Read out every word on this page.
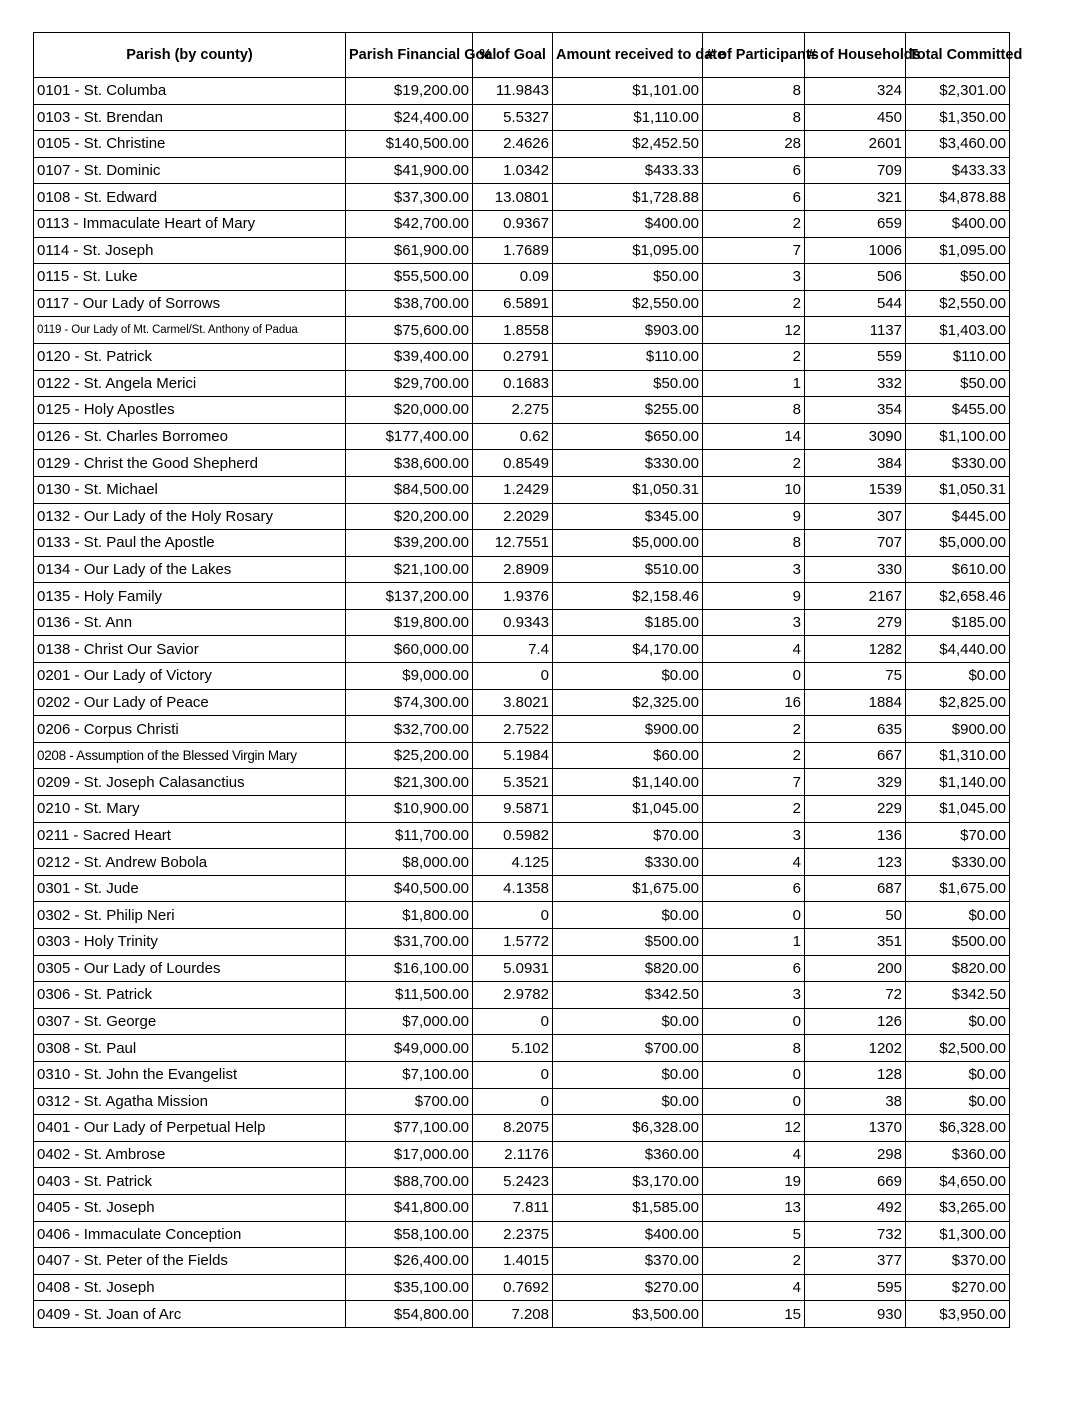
Parish (by county)	Parish Financial Goal	% of Goal	Amount received to date	# of Participants	# of Households	Total Committed
0101 - St. Columba	$19,200.00	11.9843	$1,101.00	8	324	$2,301.00
0103 - St. Brendan	$24,400.00	5.5327	$1,110.00	8	450	$1,350.00
0105 - St. Christine	$140,500.00	2.4626	$2,452.50	28	2601	$3,460.00
0107 - St. Dominic	$41,900.00	1.0342	$433.33	6	709	$433.33
0108 - St. Edward	$37,300.00	13.0801	$1,728.88	6	321	$4,878.88
0113 - Immaculate Heart of Mary	$42,700.00	0.9367	$400.00	2	659	$400.00
0114 - St. Joseph	$61,900.00	1.7689	$1,095.00	7	1006	$1,095.00
0115 - St. Luke	$55,500.00	0.09	$50.00	3	506	$50.00
0117 - Our Lady of Sorrows	$38,700.00	6.5891	$2,550.00	2	544	$2,550.00
0119 - Our Lady of Mt. Carmel/St. Anthony of Padua	$75,600.00	1.8558	$903.00	12	1137	$1,403.00
0120 - St. Patrick	$39,400.00	0.2791	$110.00	2	559	$110.00
0122 - St. Angela Merici	$29,700.00	0.1683	$50.00	1	332	$50.00
0125 - Holy Apostles	$20,000.00	2.275	$255.00	8	354	$455.00
0126 - St. Charles Borromeo	$177,400.00	0.62	$650.00	14	3090	$1,100.00
0129 - Christ the Good Shepherd	$38,600.00	0.8549	$330.00	2	384	$330.00
0130 - St. Michael	$84,500.00	1.2429	$1,050.31	10	1539	$1,050.31
0132 - Our Lady of the Holy Rosary	$20,200.00	2.2029	$345.00	9	307	$445.00
0133 - St. Paul the Apostle	$39,200.00	12.7551	$5,000.00	8	707	$5,000.00
0134 - Our Lady of the Lakes	$21,100.00	2.8909	$510.00	3	330	$610.00
0135 - Holy Family	$137,200.00	1.9376	$2,158.46	9	2167	$2,658.46
0136 - St. Ann	$19,800.00	0.9343	$185.00	3	279	$185.00
0138 - Christ Our Savior	$60,000.00	7.4	$4,170.00	4	1282	$4,440.00
0201 - Our Lady of Victory	$9,000.00	0	$0.00	0	75	$0.00
0202 - Our Lady of Peace	$74,300.00	3.8021	$2,325.00	16	1884	$2,825.00
0206 - Corpus Christi	$32,700.00	2.7522	$900.00	2	635	$900.00
0208 - Assumption of the Blessed Virgin Mary	$25,200.00	5.1984	$60.00	2	667	$1,310.00
0209 - St. Joseph Calasanctius	$21,300.00	5.3521	$1,140.00	7	329	$1,140.00
0210 - St. Mary	$10,900.00	9.5871	$1,045.00	2	229	$1,045.00
0211 - Sacred Heart	$11,700.00	0.5982	$70.00	3	136	$70.00
0212 - St. Andrew Bobola	$8,000.00	4.125	$330.00	4	123	$330.00
0301 - St. Jude	$40,500.00	4.1358	$1,675.00	6	687	$1,675.00
0302 - St. Philip Neri	$1,800.00	0	$0.00	0	50	$0.00
0303 - Holy Trinity	$31,700.00	1.5772	$500.00	1	351	$500.00
0305 - Our Lady of Lourdes	$16,100.00	5.0931	$820.00	6	200	$820.00
0306 - St. Patrick	$11,500.00	2.9782	$342.50	3	72	$342.50
0307 - St. George	$7,000.00	0	$0.00	0	126	$0.00
0308 - St. Paul	$49,000.00	5.102	$700.00	8	1202	$2,500.00
0310 - St. John the Evangelist	$7,100.00	0	$0.00	0	128	$0.00
0312 - St. Agatha Mission	$700.00	0	$0.00	0	38	$0.00
0401 - Our Lady of Perpetual Help	$77,100.00	8.2075	$6,328.00	12	1370	$6,328.00
0402 - St. Ambrose	$17,000.00	2.1176	$360.00	4	298	$360.00
0403 - St. Patrick	$88,700.00	5.2423	$3,170.00	19	669	$4,650.00
0405 - St. Joseph	$41,800.00	7.811	$1,585.00	13	492	$3,265.00
0406 - Immaculate Conception	$58,100.00	2.2375	$400.00	5	732	$1,300.00
0407 - St. Peter of the Fields	$26,400.00	1.4015	$370.00	2	377	$370.00
0408 - St. Joseph	$35,100.00	0.7692	$270.00	4	595	$270.00
0409 - St. Joan of Arc	$54,800.00	7.208	$3,500.00	15	930	$3,950.00
